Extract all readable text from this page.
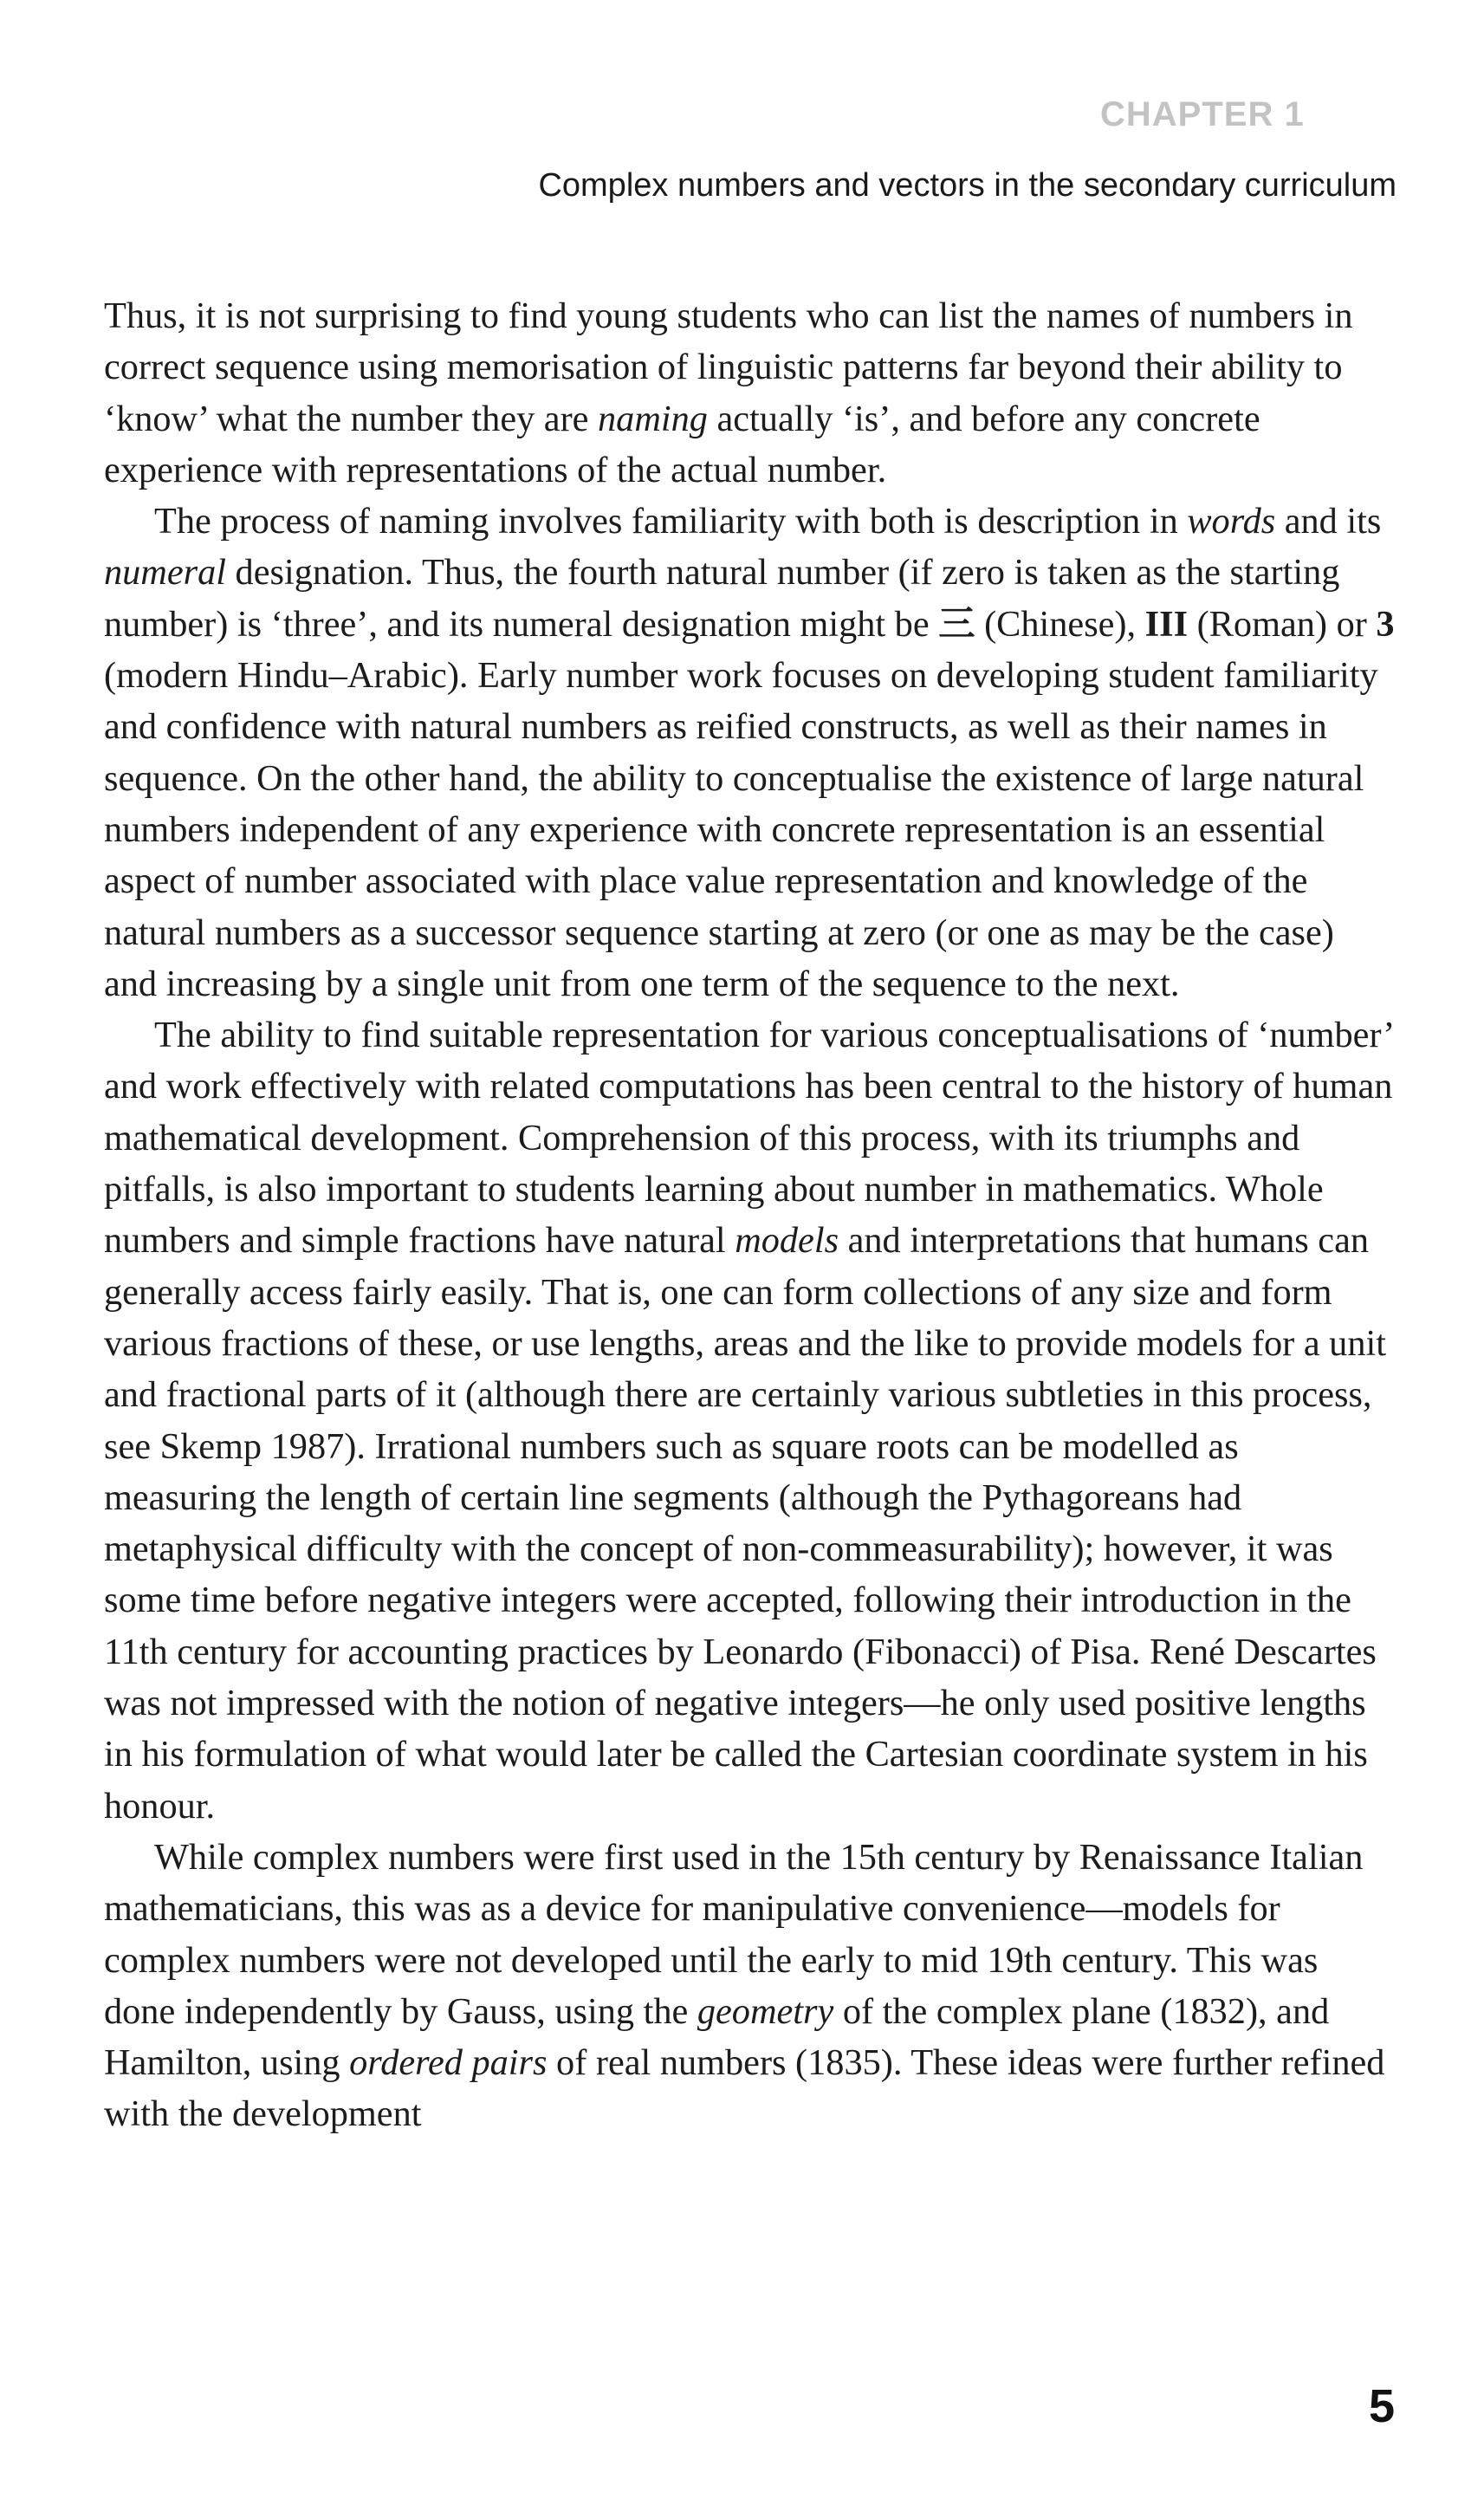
CHAPTER 1
Complex numbers and vectors in the secondary curriculum

Thus, it is not surprising to find young students who can list the names of numbers in correct sequence using memorisation of linguistic patterns far beyond their ability to ‘know’ what the number they are naming actually ‘is’, and before any concrete experience with representations of the actual number.

The process of naming involves familiarity with both is description in words and its numeral designation. Thus, the fourth natural number (if zero is taken as the starting number) is ‘three’, and its numeral designation might be 三 (Chinese), III (Roman) or 3 (modern Hindu–Arabic). Early number work focuses on developing student familiarity and confidence with natural numbers as reified constructs, as well as their names in sequence. On the other hand, the ability to conceptualise the existence of large natural numbers independent of any experience with concrete representation is an essential aspect of number associated with place value representation and knowledge of the natural numbers as a successor sequence starting at zero (or one as may be the case) and increasing by a single unit from one term of the sequence to the next.

The ability to find suitable representation for various conceptualisations of ‘number’ and work effectively with related computations has been central to the history of human mathematical development. Comprehension of this process, with its triumphs and pitfalls, is also important to students learning about number in mathematics. Whole numbers and simple fractions have natural models and interpretations that humans can generally access fairly easily. That is, one can form collections of any size and form various fractions of these, or use lengths, areas and the like to provide models for a unit and fractional parts of it (although there are certainly various subtleties in this process, see Skemp 1987). Irrational numbers such as square roots can be modelled as measuring the length of certain line segments (although the Pythagoreans had metaphysical difficulty with the concept of non-commeasurability); however, it was some time before negative integers were accepted, following their introduction in the 11th century for accounting practices by Leonardo (Fibonacci) of Pisa. René Descartes was not impressed with the notion of negative integers—he only used positive lengths in his formulation of what would later be called the Cartesian coordinate system in his honour.

While complex numbers were first used in the 15th century by Renaissance Italian mathematicians, this was as a device for manipulative convenience—models for complex numbers were not developed until the early to mid 19th century. This was done independently by Gauss, using the geometry of the complex plane (1832), and Hamilton, using ordered pairs of real numbers (1835). These ideas were further refined with the development

5
